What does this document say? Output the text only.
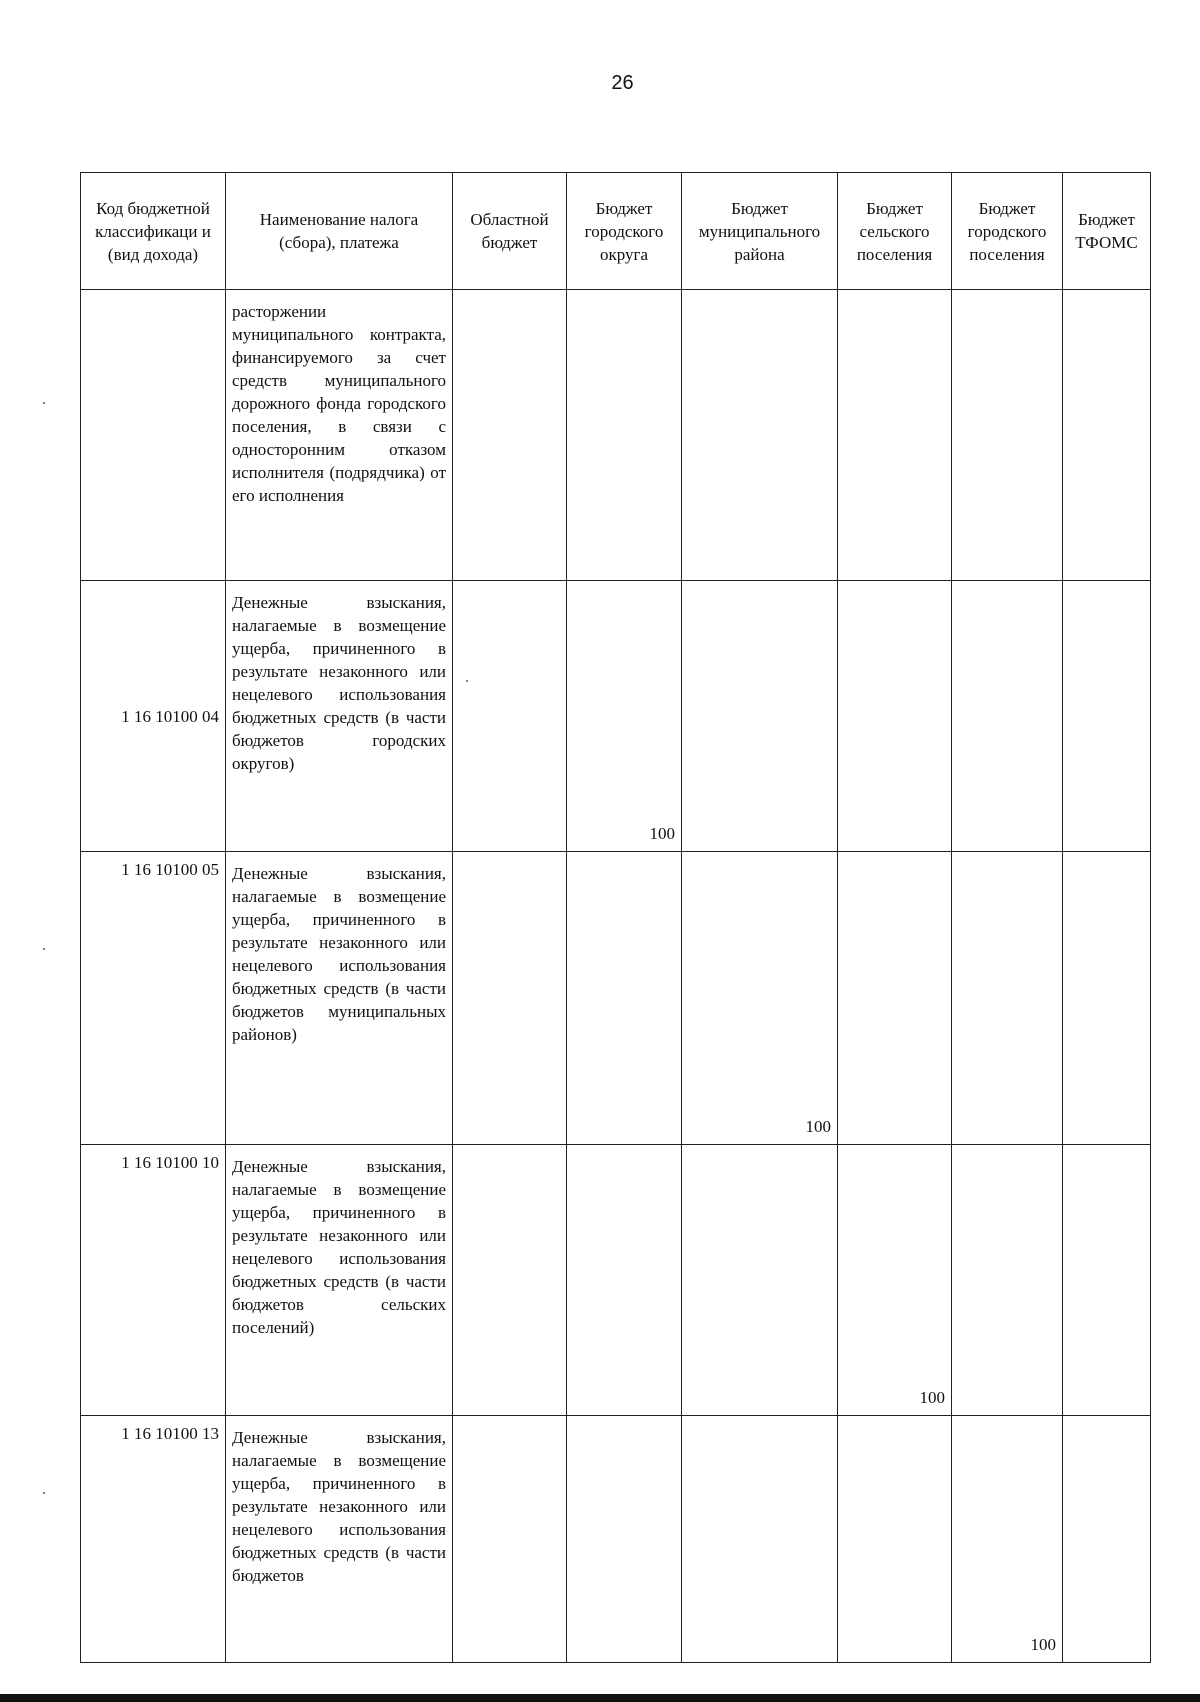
26
Код бюджетной классификаци и (вид дохода)	Наименование налога (сбора), платежа	Областной бюджет	Бюджет городского округа	Бюджет муниципального района	Бюджет сельского поселения	Бюджет городского поселения	Бюджет ТФОМС
	расторжении муниципального контракта, финансируемого за счет средств муниципального дорожного фонда городского поселения, в связи с односторонним отказом исполнителя (подрядчика) от его исполнения						
1 16 10100 04	Денежные взыскания, налагаемые в возмещение ущерба, причиненного в результате незаконного или нецелевого использования бюджетных средств (в части бюджетов городских округов)		100				
1 16 10100 05	Денежные взыскания, налагаемые в возмещение ущерба, причиненного в результате незаконного или нецелевого использования бюджетных средств (в части бюджетов муниципальных районов)			100			
1 16 10100 10	Денежные взыскания, налагаемые в возмещение ущерба, причиненного в результате незаконного или нецелевого использования бюджетных средств (в части бюджетов сельских поселений)				100		
1 16 10100 13	Денежные взыскания, налагаемые в возмещение ущерба, причиненного в результате незаконного или нецелевого использования бюджетных средств (в части бюджетов					100	
